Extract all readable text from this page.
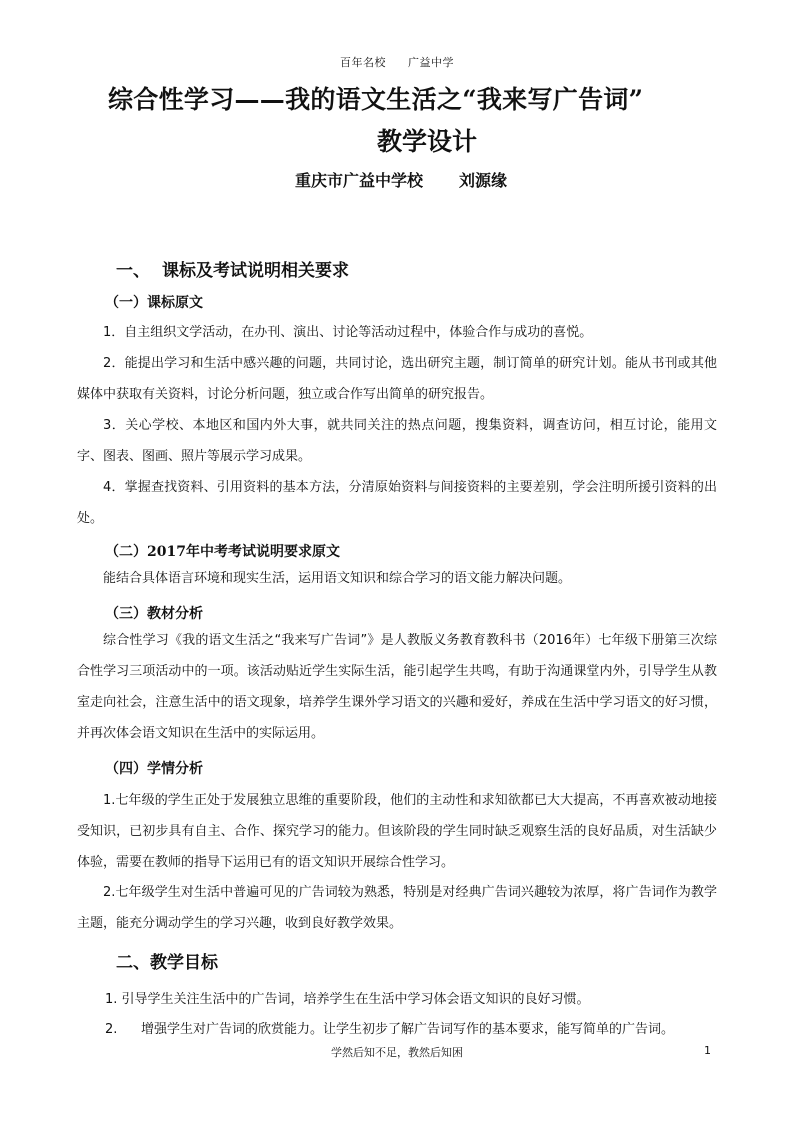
百年名校 广益中学
综合性学习——我的语文生活之“我来写广告词”
教学设计
重庆市广益中学校 刘源缘
一、 课标及考试说明相关要求
（一）课标原文
1．自主组织文学活动，在办刊、演出、讨论等活动过程中，体验合作与成功的喜悦。
2．能提出学习和生活中感兴趣的问题，共同讨论，选出研究主题，制订简单的研究计划。能从书刊或其他媒体中获取有关资料，讨论分析问题，独立或合作写出简单的研究报告。
3．关心学校、本地区和国内外大事，就共同关注的热点问题，搜集资料，调查访问，相互讨论，能用文字、图表、图画、照片等展示学习成果。
4．掌握查找资料、引用资料的基本方法，分清原始资料与间接资料的主要差别，学会注明所援引资料的出处。
（二）2017年中考考试说明要求原文
能结合具体语言环境和现实生活，运用语文知识和综合学习的语文能力解决问题。
（三）教材分析
综合性学习《我的语文生活之“我来写广告词”》是人教版义务教育教科书（2016年）七年级下册第三次综合性学习三项活动中的一项。该活动贴近学生实际生活，能引起学生共鸣，有助于沟通课堂内外，引导学生从教室走向社会，注意生活中的语文现象，培养学生课外学习语文的兴趣和爱好，养成在生活中学习语文的好习惯，并再次体会语文知识在生活中的实际运用。
（四）学情分析
1.七年级的学生正处于发展独立思维的重要阶段，他们的主动性和求知欲都已大大提高，不再喜欢被动地接受知识，已初步具有自主、合作、探究学习的能力。但该阶段的学生同时缺乏观察生活的良好品质，对生活缺少体验，需要在教师的指导下运用已有的语文知识开展综合性学习。
2.七年级学生对生活中普遍可见的广告词较为熟悉，特别是对经典广告词兴趣较为浓厚，将广告词作为教学主题，能充分调动学生的学习兴趣，收到良好教学效果。
二、教学目标
1. 引导学生关注生活中的广告词，培养学生在生活中学习体会语文知识的良好习惯。
2. 增强学生对广告词的欣赏能力。让学生初步了解广告词写作的基本要求，能写简单的广告词。
学然后知不足，教然后知困	1
